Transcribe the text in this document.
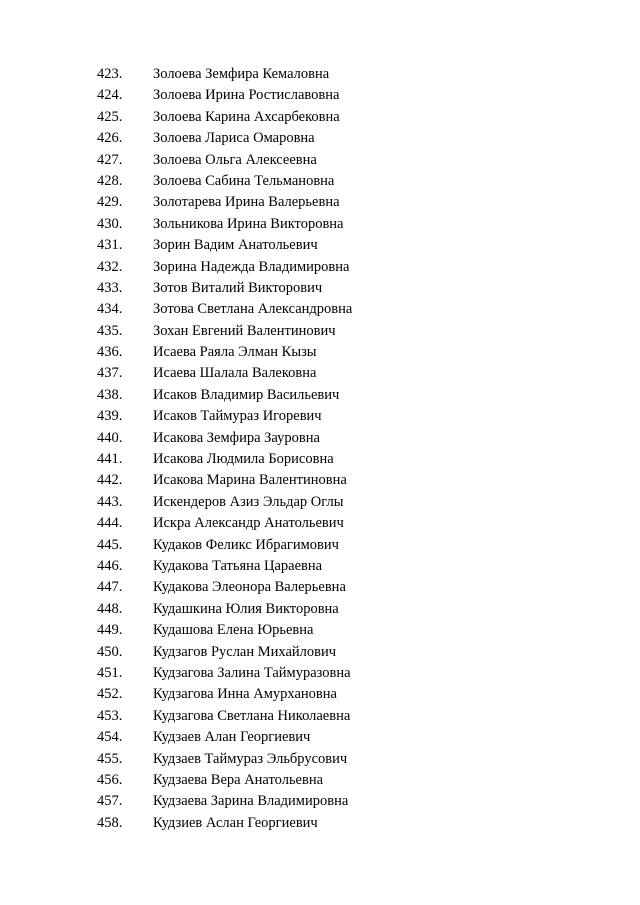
423.	Золоева Земфира Кемаловна
424.	Золоева Ирина Ростиславовна
425.	Золоева Карина Ахсарбековна
426.	Золоева Лариса Омаровна
427.	Золоева Ольга Алексеевна
428.	Золоева Сабина Тельмановна
429.	Золотарева Ирина Валерьевна
430.	Зольникова Ирина Викторовна
431.	Зорин Вадим Анатольевич
432.	Зорина Надежда Владимировна
433.	Зотов Виталий Викторович
434.	Зотова Светлана Александровна
435.	Зохан Евгений Валентинович
436.	Исаева Раяла Элман Кызы
437.	Исаева Шалала Валековна
438.	Исаков Владимир Васильевич
439.	Исаков Таймураз Игоревич
440.	Исакова Земфира Зауровна
441.	Исакова Людмила Борисовна
442.	Исакова Марина Валентиновна
443.	Искендеров Азиз Эльдар Оглы
444.	Искра Александр Анатольевич
445.	Кудаков Феликс Ибрагимович
446.	Кудакова Татьяна Цараевна
447.	Кудакова Элеонора Валерьевна
448.	Кудашкина Юлия Викторовна
449.	Кудашова Елена Юрьевна
450.	Кудзагов Руслан Михайлович
451.	Кудзагова Залина Таймуразовна
452.	Кудзагова Инна Амурхановна
453.	Кудзагова Светлана Николаевна
454.	Кудзаев Алан Георгиевич
455.	Кудзаев Таймураз Эльбрусович
456.	Кудзаева Вера Анатольевна
457.	Кудзаева Зарина Владимировна
458.	Кудзиев Аслан Георгиевич
